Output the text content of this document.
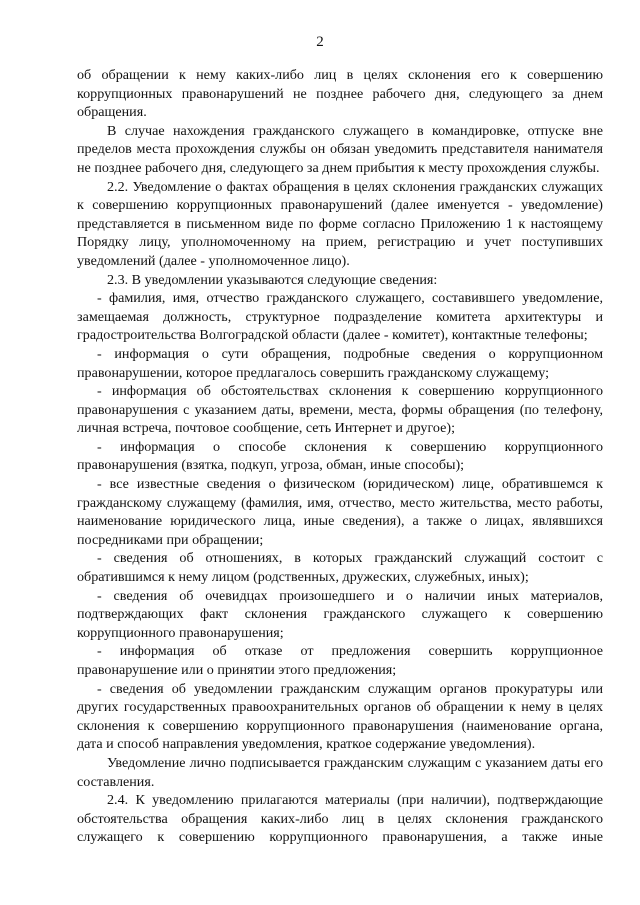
2

об обращении к нему каких-либо лиц в целях склонения его к совершению коррупционных правонарушений не позднее рабочего дня, следующего за днем обращения.

В случае нахождения гражданского служащего в командировке, отпуске вне пределов места прохождения службы он обязан уведомить представителя нанимателя не позднее рабочего дня, следующего за днем прибытия к месту прохождения службы.

2.2. Уведомление о фактах обращения в целях склонения гражданских служащих к совершению коррупционных правонарушений (далее именуется - уведомление) представляется в письменном виде по форме согласно Приложению 1 к настоящему Порядку лицу, уполномоченному на прием, регистрацию и учет поступивших уведомлений (далее - уполномоченное лицо).

2.3. В уведомлении указываются следующие сведения:

- фамилия, имя, отчество гражданского служащего, составившего уведомление, замещаемая должность, структурное подразделение комитета архитектуры и градостроительства Волгоградской области (далее - комитет), контактные телефоны;

- информация о сути обращения, подробные сведения о коррупционном правонарушении, которое предлагалось совершить гражданскому служащему;

- информация об обстоятельствах склонения к совершению коррупционного правонарушения с указанием даты, времени, места, формы обращения (по телефону, личная встреча, почтовое сообщение, сеть Интернет и другое);

- информация о способе склонения к совершению коррупционного правонарушения (взятка, подкуп, угроза, обман, иные способы);

- все известные сведения о физическом (юридическом) лице, обратившемся к гражданскому служащему (фамилия, имя, отчество, место жительства, место работы, наименование юридического лица, иные сведения), а также о лицах, являвшихся посредниками при обращении;

- сведения об отношениях, в которых гражданский служащий состоит с обратившимся к нему лицом (родственных, дружеских, служебных, иных);

- сведения об очевидцах произошедшего и о наличии иных материалов, подтверждающих факт склонения гражданского служащего к совершению коррупционного правонарушения;

- информация об отказе от предложения совершить коррупционное правонарушение или о принятии этого предложения;

- сведения об уведомлении гражданским служащим органов прокуратуры или других государственных правоохранительных органов об обращении к нему в целях склонения к совершению коррупционного правонарушения (наименование органа, дата и способ направления уведомления, краткое содержание уведомления).

Уведомление лично подписывается гражданским служащим с указанием даты его составления.

2.4. К уведомлению прилагаются материалы (при наличии), подтверждающие обстоятельства обращения каких-либо лиц в целях склонения гражданского служащего к совершению коррупционного правонарушения, а также иные
